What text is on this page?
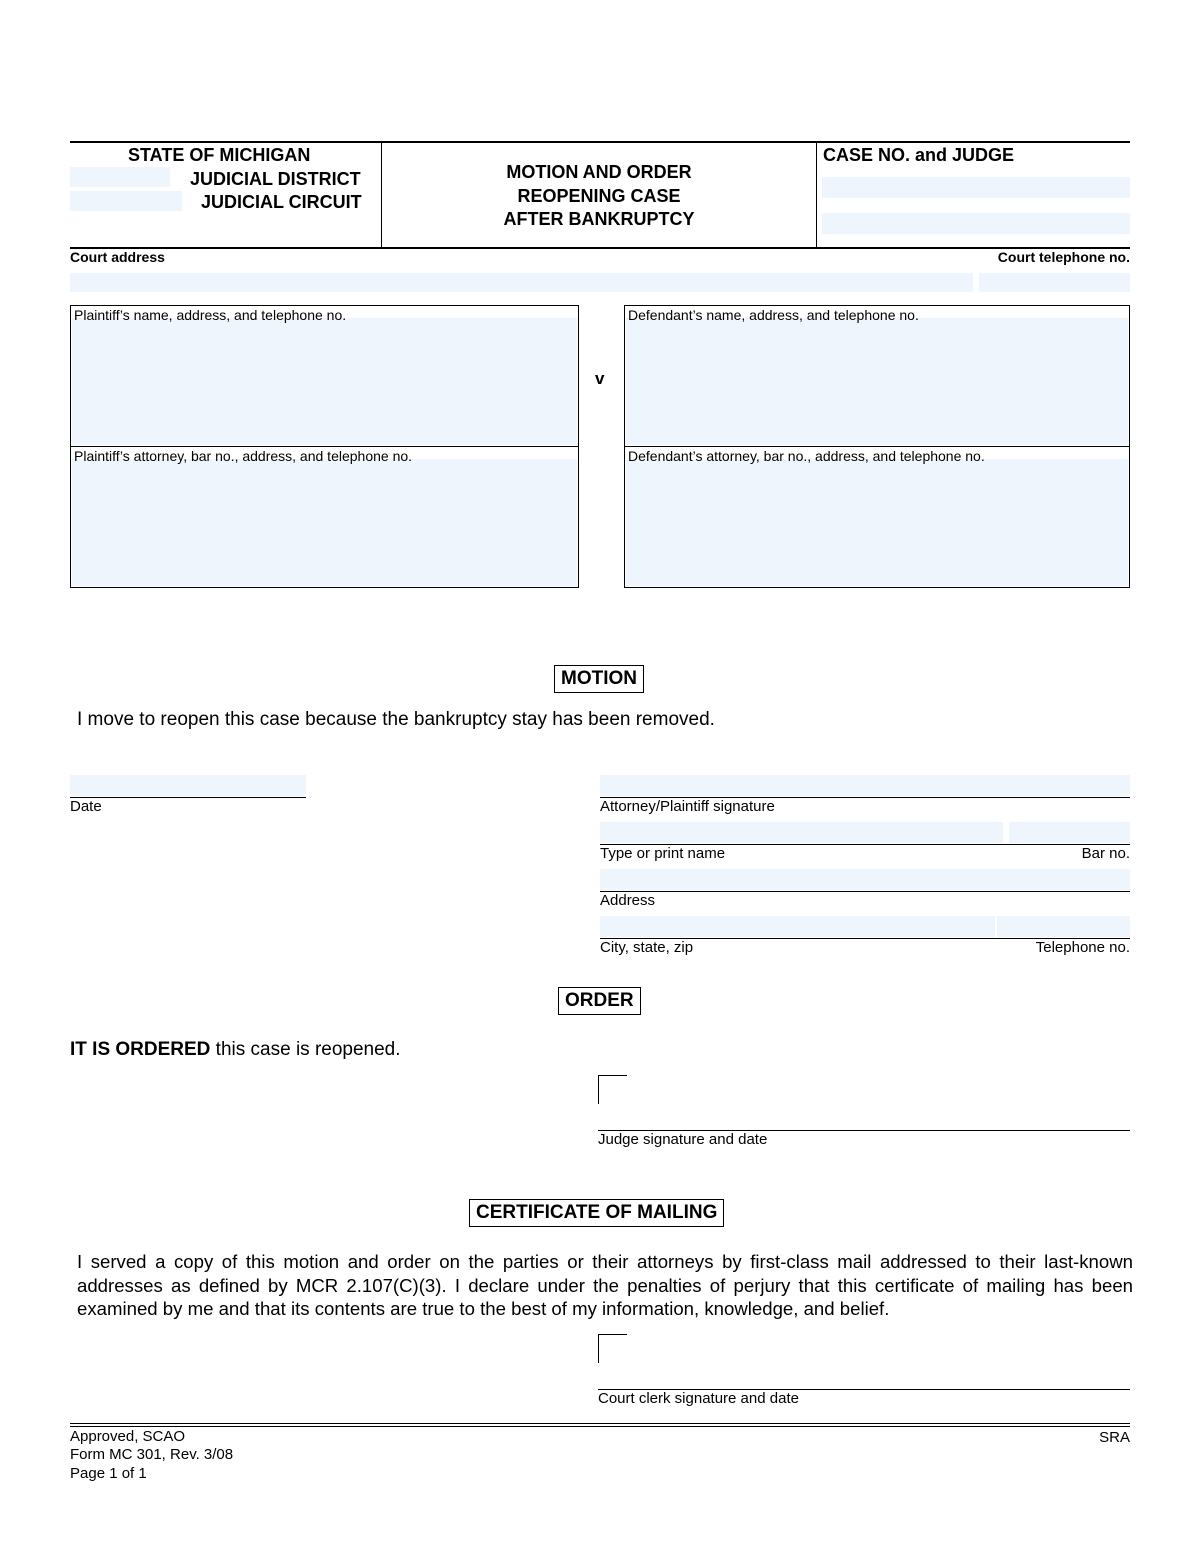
STATE OF MICHIGAN
JUDICIAL DISTRICT
JUDICIAL CIRCUIT
MOTION AND ORDER
REOPENING CASE
AFTER BANKRUPTCY
CASE NO. and JUDGE
Court address	Court telephone no.
Plaintiff’s name, address, and telephone no.
Plaintiff’s attorney, bar no., address, and telephone no.
v
Defendant’s name, address, and telephone no.
Defendant’s attorney, bar no., address, and telephone no.
MOTION
I move to reopen this case because the bankruptcy stay has been removed.
Date	Attorney/Plaintiff signature
Type or print name	Bar no.
Address
City, state, zip	Telephone no.
ORDER
IT IS ORDERED this case is reopened.
Judge signature and date
CERTIFICATE OF MAILING
I served a copy of this motion and order on the parties or their attorneys by first-class mail addressed to their last-known addresses as defined by MCR 2.107(C)(3). I declare under the penalties of perjury that this certificate of mailing has been examined by me and that its contents are true to the best of my information, knowledge, and belief.
Court clerk signature and date
Approved, SCAO
Form MC 301, Rev. 3/08
Page 1 of 1
SRA
